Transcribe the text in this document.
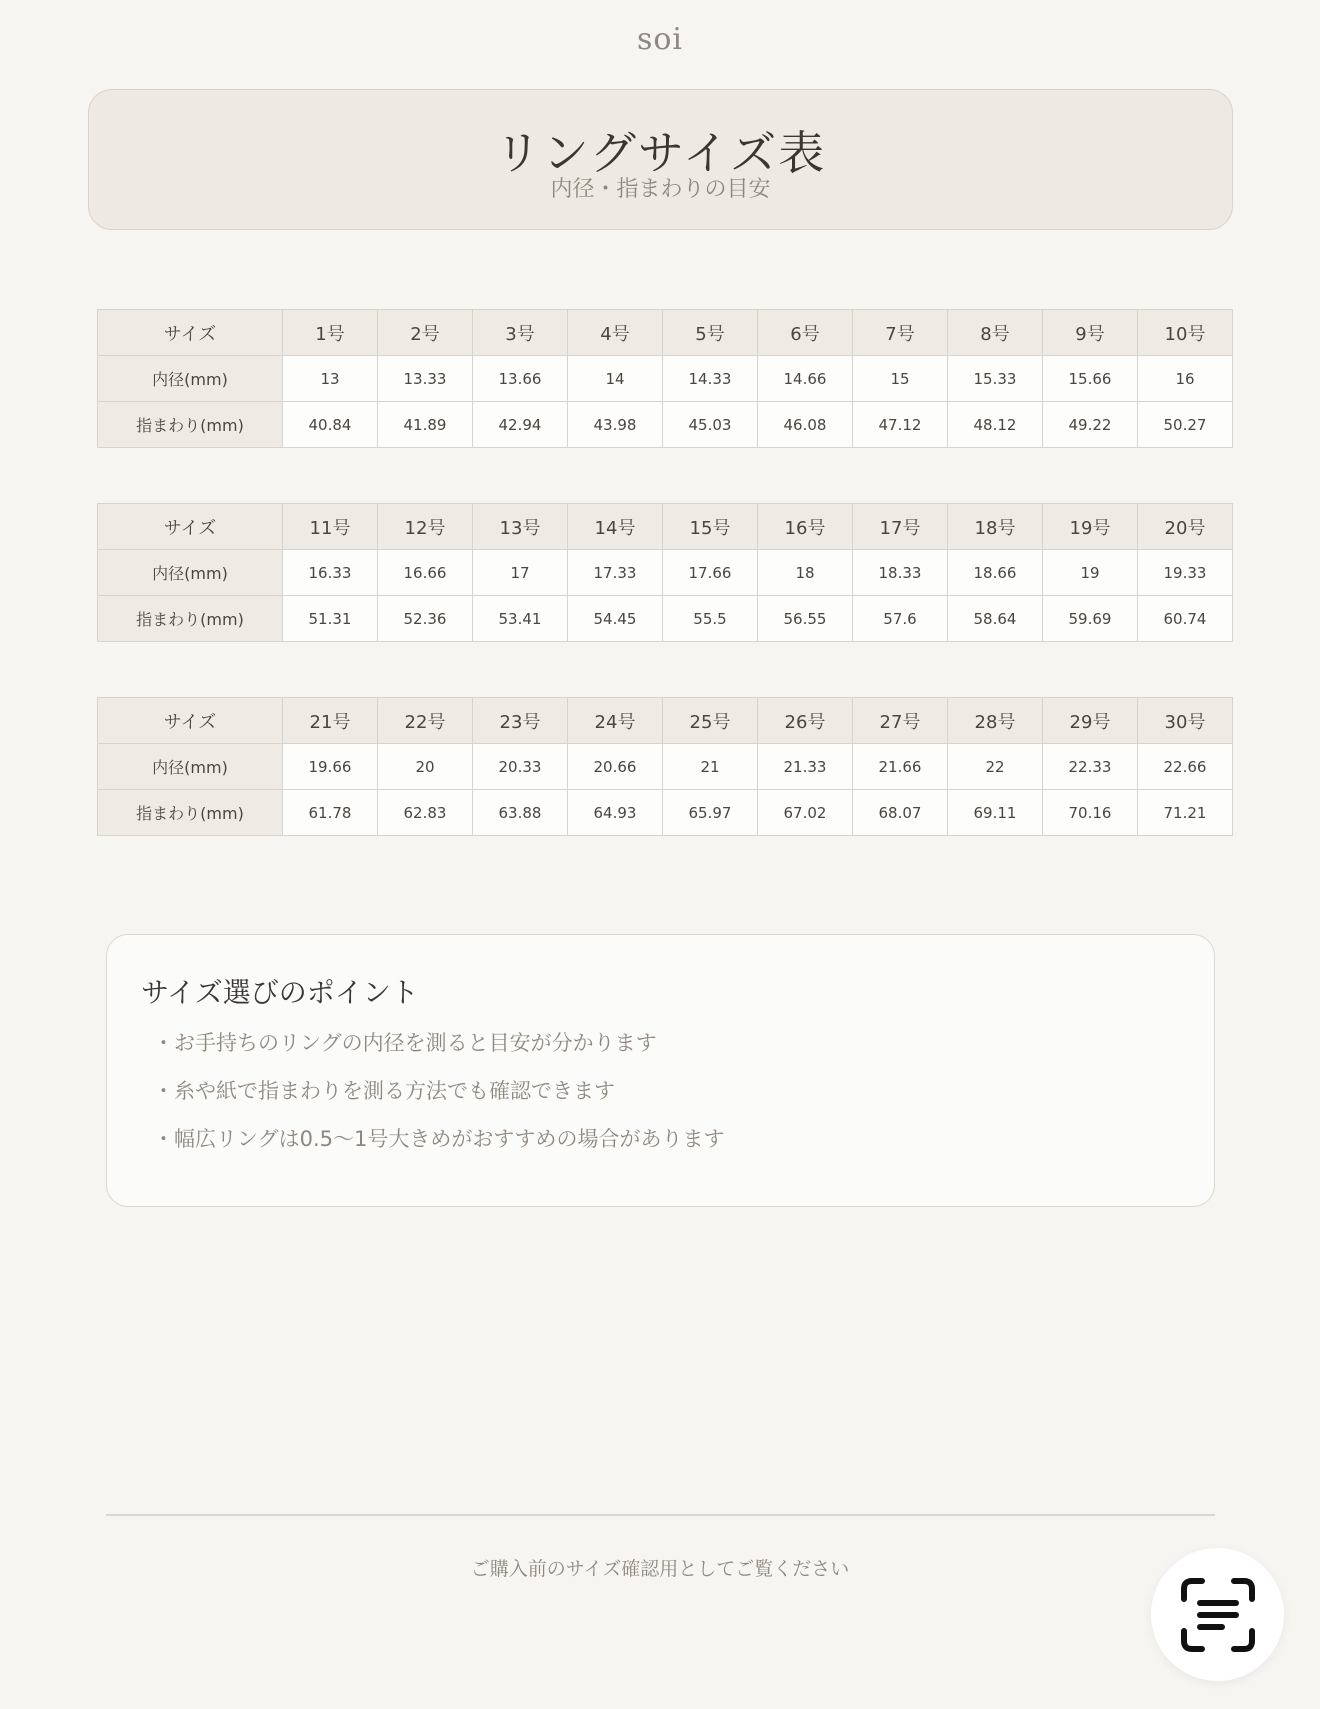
soi
リングサイズ表
内径・指まわりの目安
サイズ	1号	2号	3号	4号	5号	6号	7号	8号	9号	10号
内径(mm)	13	13.33	13.66	14	14.33	14.66	15	15.33	15.66	16
指まわり(mm)	40.84	41.89	42.94	43.98	45.03	46.08	47.12	48.12	49.22	50.27
サイズ	11号	12号	13号	14号	15号	16号	17号	18号	19号	20号
内径(mm)	16.33	16.66	17	17.33	17.66	18	18.33	18.66	19	19.33
指まわり(mm)	51.31	52.36	53.41	54.45	55.5	56.55	57.6	58.64	59.69	60.74
サイズ	21号	22号	23号	24号	25号	26号	27号	28号	29号	30号
内径(mm)	19.66	20	20.33	20.66	21	21.33	21.66	22	22.33	22.66
指まわり(mm)	61.78	62.83	63.88	64.93	65.97	67.02	68.07	69.11	70.16	71.21
サイズ選びのポイント
・お手持ちのリングの内径を測ると目安が分かります
・糸や紙で指まわりを測る方法でも確認できます
・幅広リングは0.5〜1号大きめがおすすめの場合があります
ご購入前のサイズ確認用としてご覧ください
